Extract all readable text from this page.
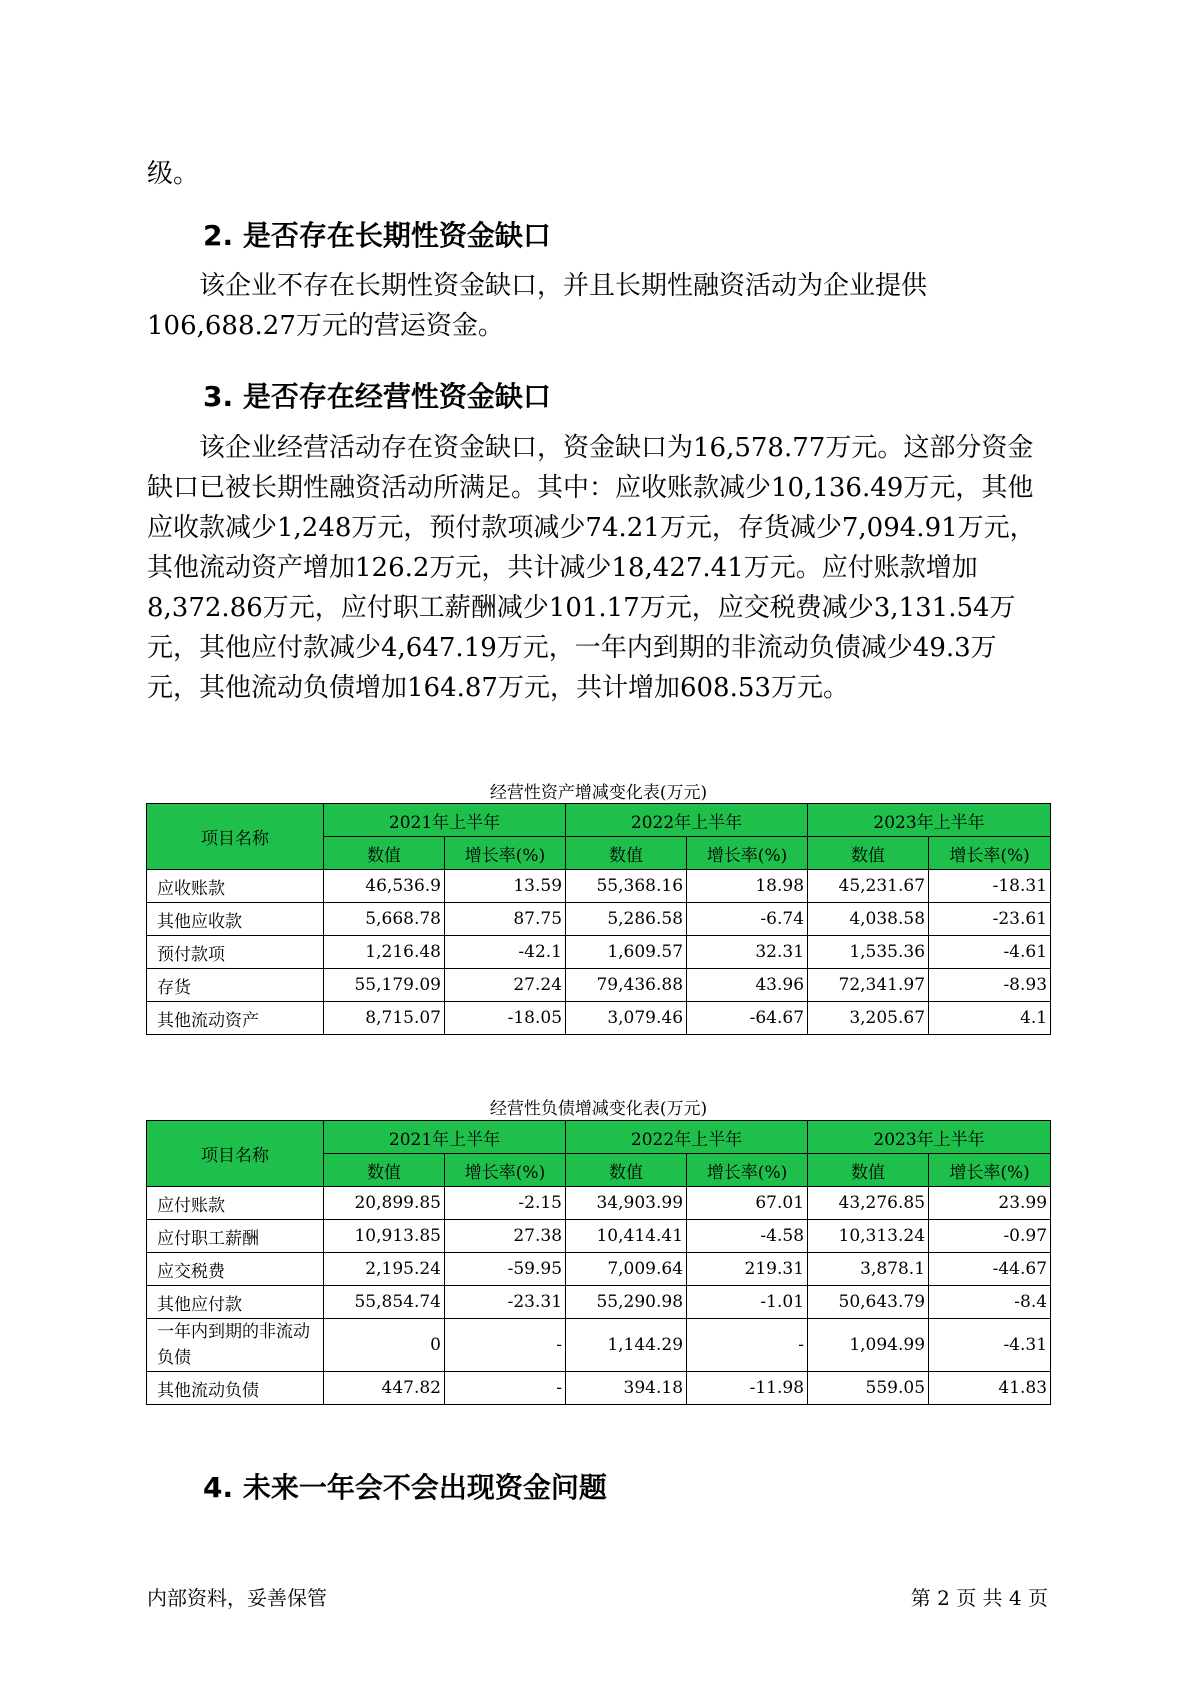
级。

2. 是否存在长期性资金缺口

该企业不存在长期性资金缺口，并且长期性融资活动为企业提供106,688.27万元的营运资金。

3. 是否存在经营性资金缺口

该企业经营活动存在资金缺口，资金缺口为16,578.77万元。这部分资金缺口已被长期性融资活动所满足。其中：应收账款减少10,136.49万元，其他应收款减少1,248万元，预付款项减少74.21万元，存货减少7,094.91万元，其他流动资产增加126.2万元，共计减少18,427.41万元。应付账款增加8,372.86万元，应付职工薪酬减少101.17万元，应交税费减少3,131.54万元，其他应付款减少4,647.19万元，一年内到期的非流动负债减少49.3万元，其他流动负债增加164.87万元，共计增加608.53万元。

经营性资产增减变化表(万元)
项目名称	2021年上半年		2022年上半年		2023年上半年	
	数值	增长率(%)	数值	增长率(%)	数值	增长率(%)
应收账款	46,536.9	13.59	55,368.16	18.98	45,231.67	-18.31
其他应收款	5,668.78	87.75	5,286.58	-6.74	4,038.58	-23.61
预付款项	1,216.48	-42.1	1,609.57	32.31	1,535.36	-4.61
存货	55,179.09	27.24	79,436.88	43.96	72,341.97	-8.93
其他流动资产	8,715.07	-18.05	3,079.46	-64.67	3,205.67	4.1
经营性负债增减变化表(万元)
项目名称	2021年上半年		2022年上半年		2023年上半年	
	数值	增长率(%)	数值	增长率(%)	数值	增长率(%)
应付账款	20,899.85	-2.15	34,903.99	67.01	43,276.85	23.99
应付职工薪酬	10,913.85	27.38	10,414.41	-4.58	10,313.24	-0.97
应交税费	2,195.24	-59.95	7,009.64	219.31	3,878.1	-44.67
其他应付款	55,854.74	-23.31	55,290.98	-1.01	50,643.79	-8.4
一年内到期的非流动负债	0	-	1,144.29	-	1,094.99	-4.31
其他流动负债	447.82	-	394.18	-11.98	559.05	41.83
4. 未来一年会不会出现资金问题
内部资料，妥善保管	第 2 页 共 4 页
